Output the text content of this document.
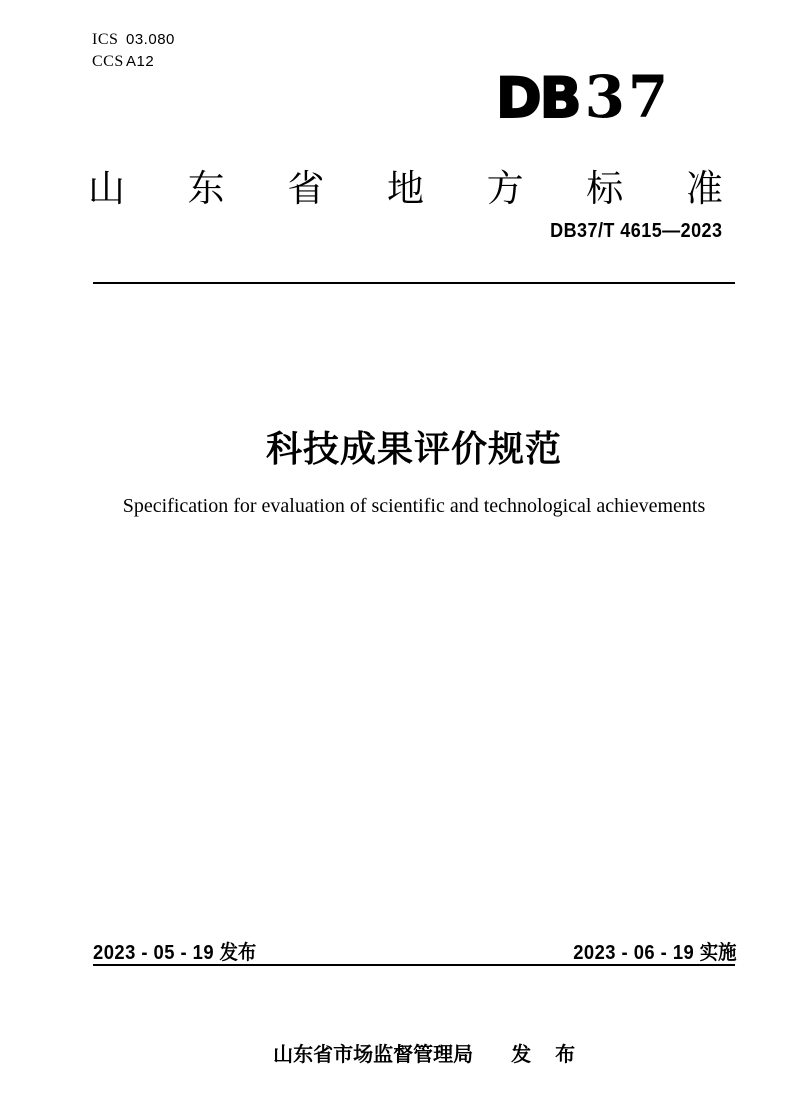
ICS 03.080
CCS A12
DB37
山 东 省 地 方 标 准
DB37/T 4615—2023
科技成果评价规范
Specification for evaluation of scientific and technological achievements
2023 - 05 - 19 发布	2023 - 06 - 19 实施

山东省市场监督管理局 发　布
